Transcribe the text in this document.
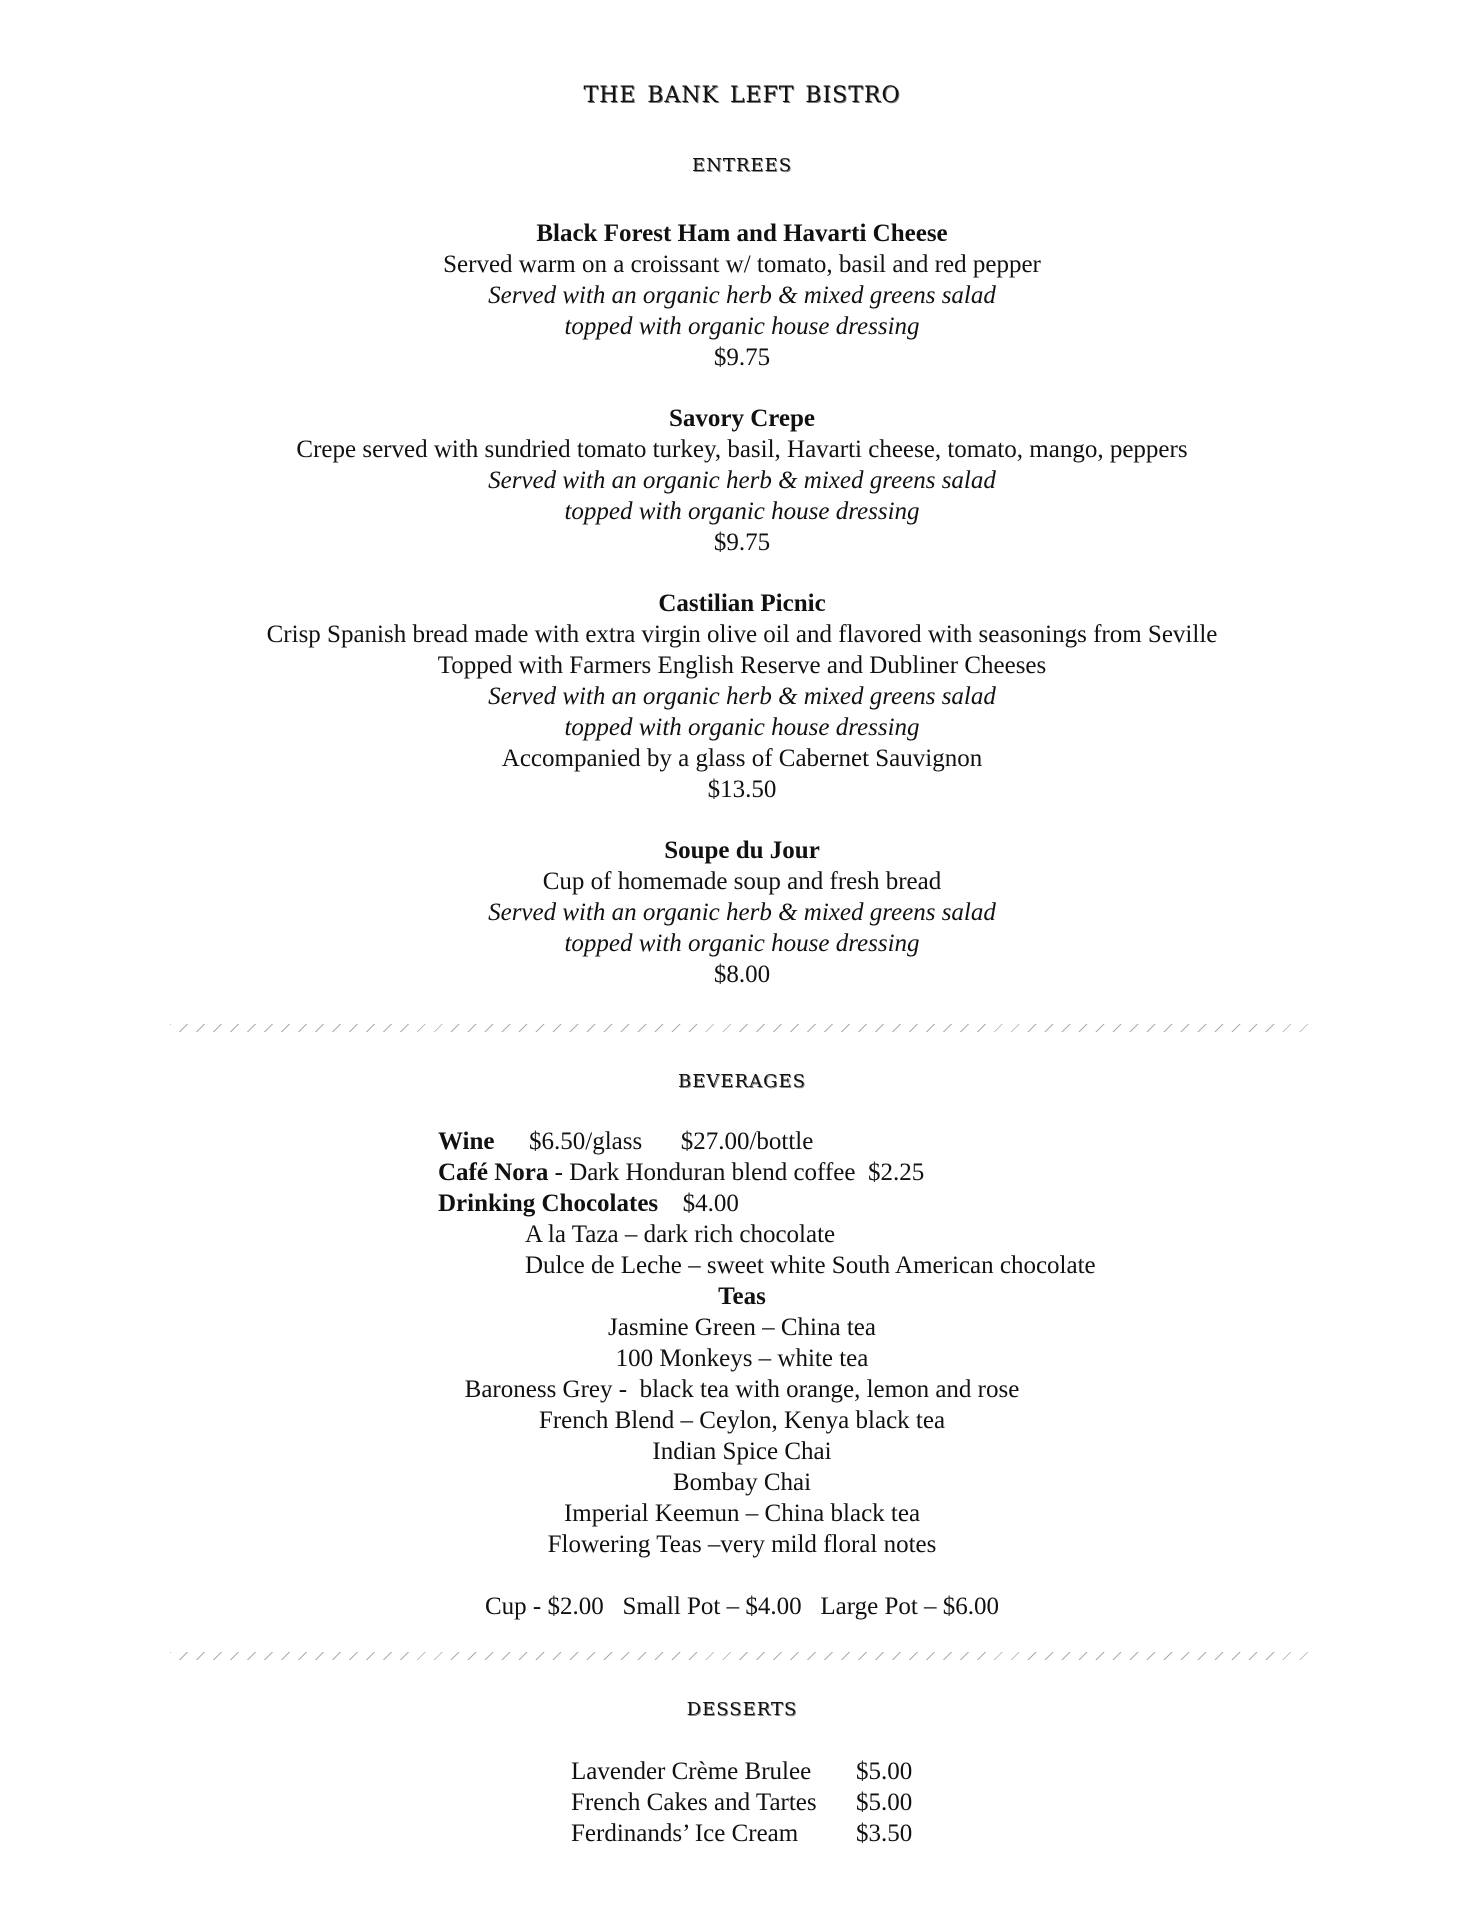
the bank left bistro
entrees
Black Forest Ham and Havarti Cheese
Served warm on a croissant w/ tomato, basil and red pepper
Served with an organic herb & mixed greens salad
topped with organic house dressing
$9.75
Savory Crepe
Crepe served with sundried tomato turkey, basil, Havarti cheese, tomato, mango, peppers
Served with an organic herb & mixed greens salad
topped with organic house dressing
$9.75
Castilian Picnic
Crisp Spanish bread made with extra virgin olive oil and flavored with seasonings from Seville
Topped with Farmers English Reserve and Dubliner Cheeses
Served with an organic herb & mixed greens salad
topped with organic house dressing
Accompanied by a glass of Cabernet Sauvignon
$13.50
Soupe du Jour
Cup of homemade soup and fresh bread
Served with an organic herb & mixed greens salad
topped with organic house dressing
$8.00
beverages
Wine $6.50/glass $27.00/bottle
Café Nora - Dark Honduran blend coffee  $2.25
Drinking Chocolates $4.00
A la Taza – dark rich chocolate
Dulce de Leche – sweet white South American chocolate
Teas
Jasmine Green – China tea
100 Monkeys – white tea
Baroness Grey -  black tea with orange, lemon and rose
French Blend – Ceylon, Kenya black tea
Indian Spice Chai
Bombay Chai
Imperial Keemun – China black tea
Flowering Teas –very mild floral notes
Cup - $2.00   Small Pot – $4.00   Large Pot – $6.00
desserts
Lavender Crème Brulee $5.00
French Cakes and Tartes $5.00
Ferdinands’ Ice Cream $3.50
